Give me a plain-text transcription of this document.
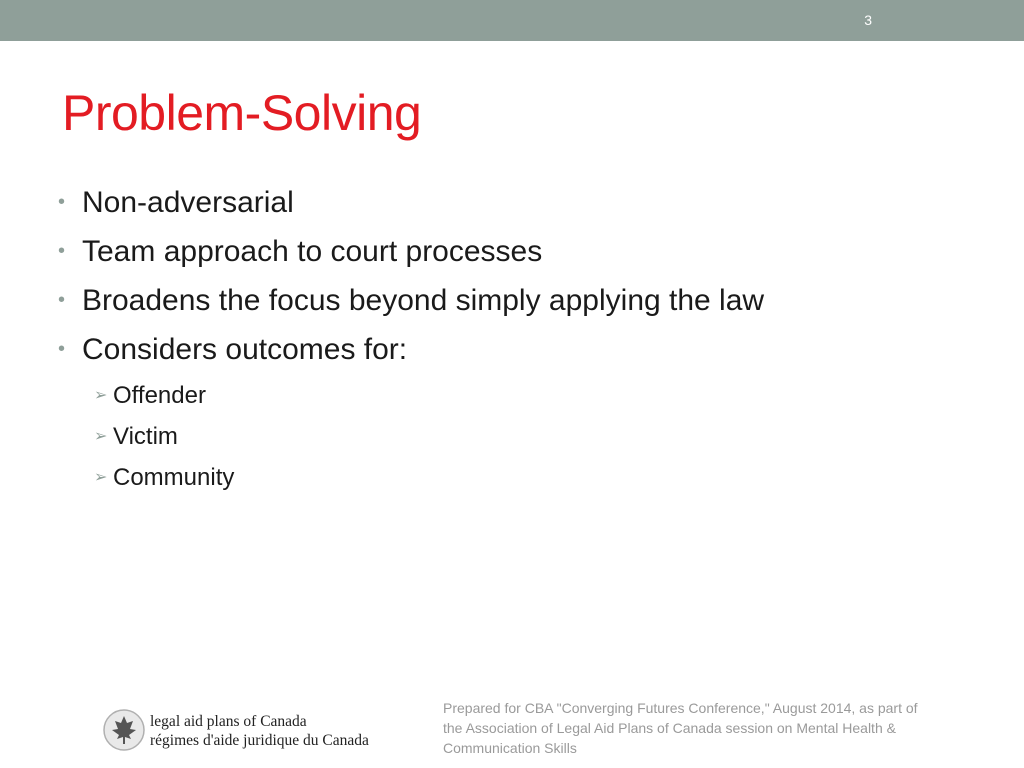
3
Problem-Solving
• Non-adversarial
• Team approach to court processes
• Broadens the focus beyond simply applying the law
• Considers outcomes for:
➢ Offender
➢ Victim
➢ Community
legal aid plans of Canada
régimes d'aide juridique du Canada
Prepared for CBA "Converging Futures Conference," August 2014, as part of the Association of Legal Aid Plans of Canada session on Mental Health & Communication Skills
